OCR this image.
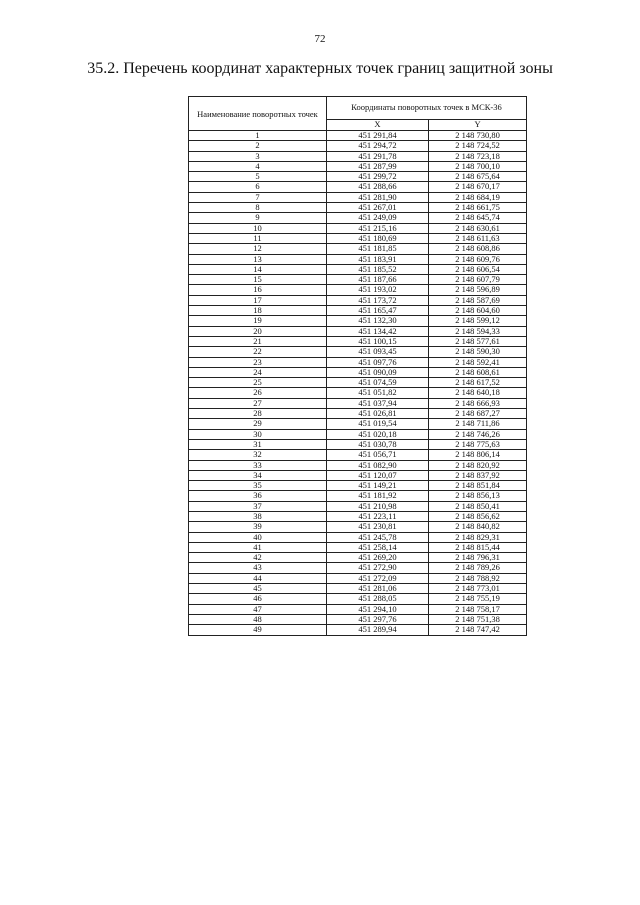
72
35.2. Перечень координат характерных точек границ защитной зоны
Наименование поворотных точек	Координаты поворотных точек в МСК-36	
	X	Y
1	451 291,84	2 148 730,80
2	451 294,72	2 148 724,52
3	451 291,78	2 148 723,18
4	451 287,99	2 148 700,10
5	451 299,72	2 148 675,64
6	451 288,66	2 148 670,17
7	451 281,90	2 148 684,19
8	451 267,01	2 148 661,75
9	451 249,09	2 148 645,74
10	451 215,16	2 148 630,61
11	451 180,69	2 148 611,63
12	451 181,85	2 148 608,86
13	451 183,91	2 148 609,76
14	451 185,52	2 148 606,54
15	451 187,66	2 148 607,79
16	451 193,02	2 148 596,89
17	451 173,72	2 148 587,69
18	451 165,47	2 148 604,60
19	451 132,30	2 148 599,12
20	451 134,42	2 148 594,33
21	451 100,15	2 148 577,61
22	451 093,45	2 148 590,30
23	451 097,76	2 148 592,41
24	451 090,09	2 148 608,61
25	451 074,59	2 148 617,52
26	451 051,82	2 148 640,18
27	451 037,94	2 148 666,93
28	451 026,81	2 148 687,27
29	451 019,54	2 148 711,86
30	451 020,18	2 148 746,26
31	451 030,78	2 148 775,63
32	451 056,71	2 148 806,14
33	451 082,90	2 148 820,92
34	451 120,07	2 148 837,92
35	451 149,21	2 148 851,84
36	451 181,92	2 148 856,13
37	451 210,98	2 148 850,41
38	451 223,11	2 148 856,62
39	451 230,81	2 148 840,82
40	451 245,78	2 148 829,31
41	451 258,14	2 148 815,44
42	451 269,20	2 148 796,31
43	451 272,90	2 148 789,26
44	451 272,09	2 148 788,92
45	451 281,06	2 148 773,01
46	451 288,05	2 148 755,19
47	451 294,10	2 148 758,17
48	451 297,76	2 148 751,38
49	451 289,94	2 148 747,42
